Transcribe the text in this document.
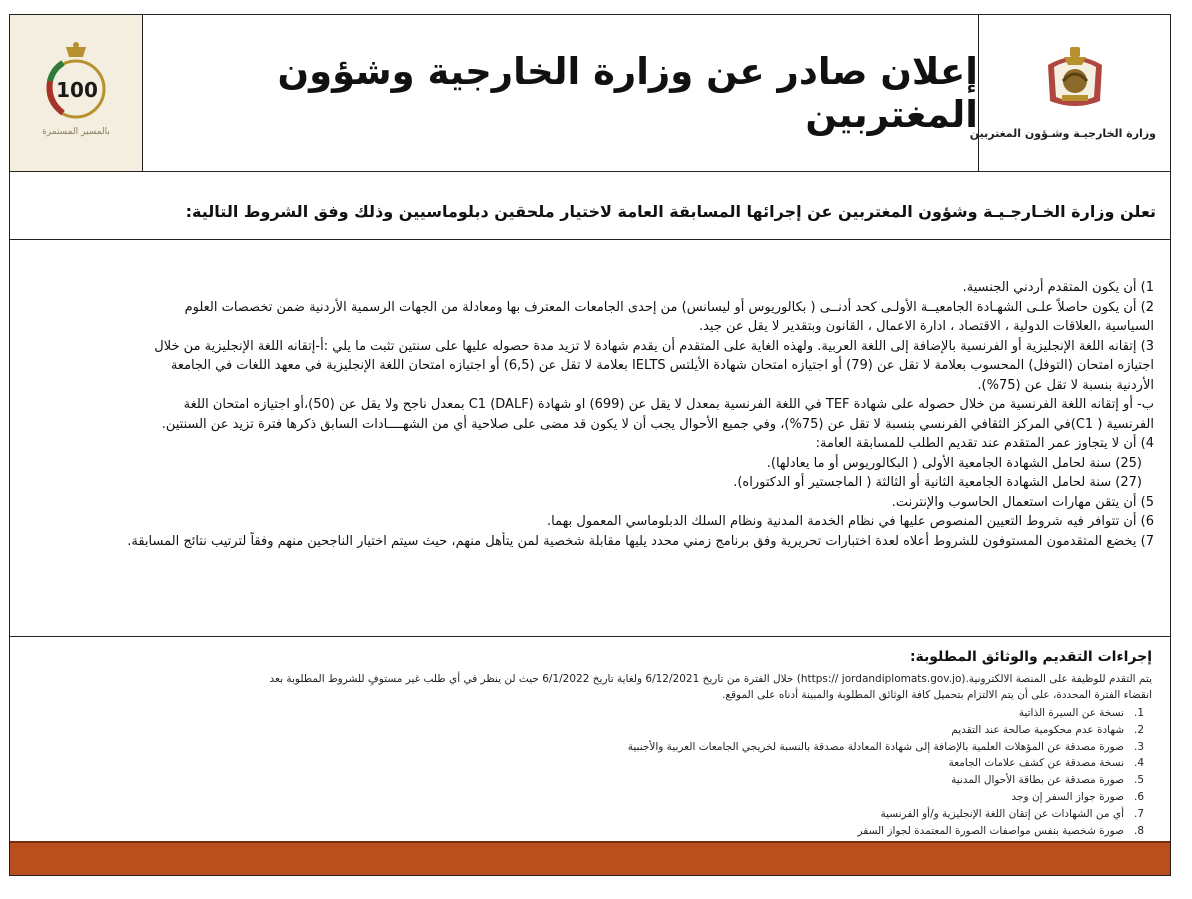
وزارة الخارجيـة وشـؤون المغتربين
إعلان صادر عن وزارة الخارجية وشؤون المغتربين
100
بالمسير المستمرة

تعلن وزارة الخـارجـيـة وشؤون المغتربين عن إجرائها المسابقة العامة لاختيار ملحقين دبلوماسيين وذلك وفق الشروط التالية:

1) أن يكون المتقدم أردني الجنسية.
2) أن يكون حاصلاً علـى الشهـادة الجامعيــة الأولـى كحد أدنــى ( بكالوريوس أو ليسانس) من إحدى الجامعات المعترف بها ومعادلة من الجهات الرسمية الأردنية ضمن تخصصات العلوم
السياسية ،العلاقات الدولية ، الاقتصاد ، ادارة الاعمال ، القانون وبتقدير لا يقل عن جيد.
3) إتقانه اللغة الإنجليزية أو الفرنسية بالإضافة إلى اللغة العربية. ولهذه الغاية على المتقدم أن يقدم شهادة لا تزيد مدة حصوله عليها على سنتين تثبت ما يلي :أ-إتقانه اللغة الإنجليزية من خلال
اجتيازه امتحان (التوفل) المحسوب بعلامة لا تقل عن (79) أو اجتيازه امتحان شهادة الأيلتس IELTS بعلامة لا تقل عن (6,5) أو اجتيازه امتحان اللغة الإنجليزية في معهد اللغات في الجامعة
الأردنية بنسبة لا تقل عن (75%).
ب- أو إتقانه اللغة الفرنسية من خلال حصوله على شهادة TEF في اللغة الفرنسية بمعدل لا يقل عن (699) او شهادة (C1 (DALF بمعدل ناجح ولا يقل عن (50)،أو اجتيازه امتحان اللغة
الفرنسية ( C1)في المركز الثقافي الفرنسي بنسبة لا تقل عن (75%)، وفي جميع الأحوال يجب أن لا يكون قد مضى على صلاحية أي من الشهــــادات السابق ذكرها فترة تزيد عن السنتين.
4) أن لا يتجاوز عمر المتقدم عند تقديم الطلب للمسابقة العامة:
(25) سنة لحامل الشهادة الجامعية الأولى ( البكالوريوس أو ما يعادلها).
(27) سنة لحامل الشهادة الجامعية الثانية أو الثالثة ( الماجستير أو الدكتوراه).
5) أن يتقن مهارات استعمال الحاسوب والإنترنت.
6) أن تتوافر فيه شروط التعيين المنصوص عليها في نظام الخدمة المدنية ونظام السلك الدبلوماسي المعمول بهما.
7) يخضع المتقدمون المستوفون للشروط أعلاه لعدة اختبارات تحريرية وفق برنامج زمني محدد يليها مقابلة شخصية لمن يتأهل منهم، حيث سيتم اختيار الناجحين منهم وفقاً لترتيب نتائج المسابقة.
إجراءات التقديم والوثائق المطلوبة:
يتم التقدم للوظيفة على المنصة الالكترونية.(https:// jordandiplomats.gov.jo) خلال الفترة من تاريخ 6/12/2021 ولغاية تاريخ 6/1/2022 حيث لن ينظر في أي طلب غير مستوفٍ للشروط المطلوبة بعد
انقضاء الفترة المحددة، على أن يتم الالتزام بتحميل كافة الوثائق المطلوبة والمبينة أدناه على الموقع.
1.
نسخة عن السيرة الذاتية
2.
شهادة عدم محكومية صالحة عند التقديم
3.
صورة مصدقة عن المؤهلات العلمية بالإضافة إلى شهادة المعادلة مصدقة بالنسبة لخريجي الجامعات العربية والأجنبية
4.
نسخة مصدقة عن كشف علامات الجامعة
5.
صورة مصدقة عن بطاقة الأحوال المدنية
6.
صورة جواز السفر إن وجد
7.
أي من الشهادات عن إتقان اللغة الإنجليزية و/أو الفرنسية
8.
صورة شخصية بنفس مواصفات الصورة المعتمدة لجواز السفر
